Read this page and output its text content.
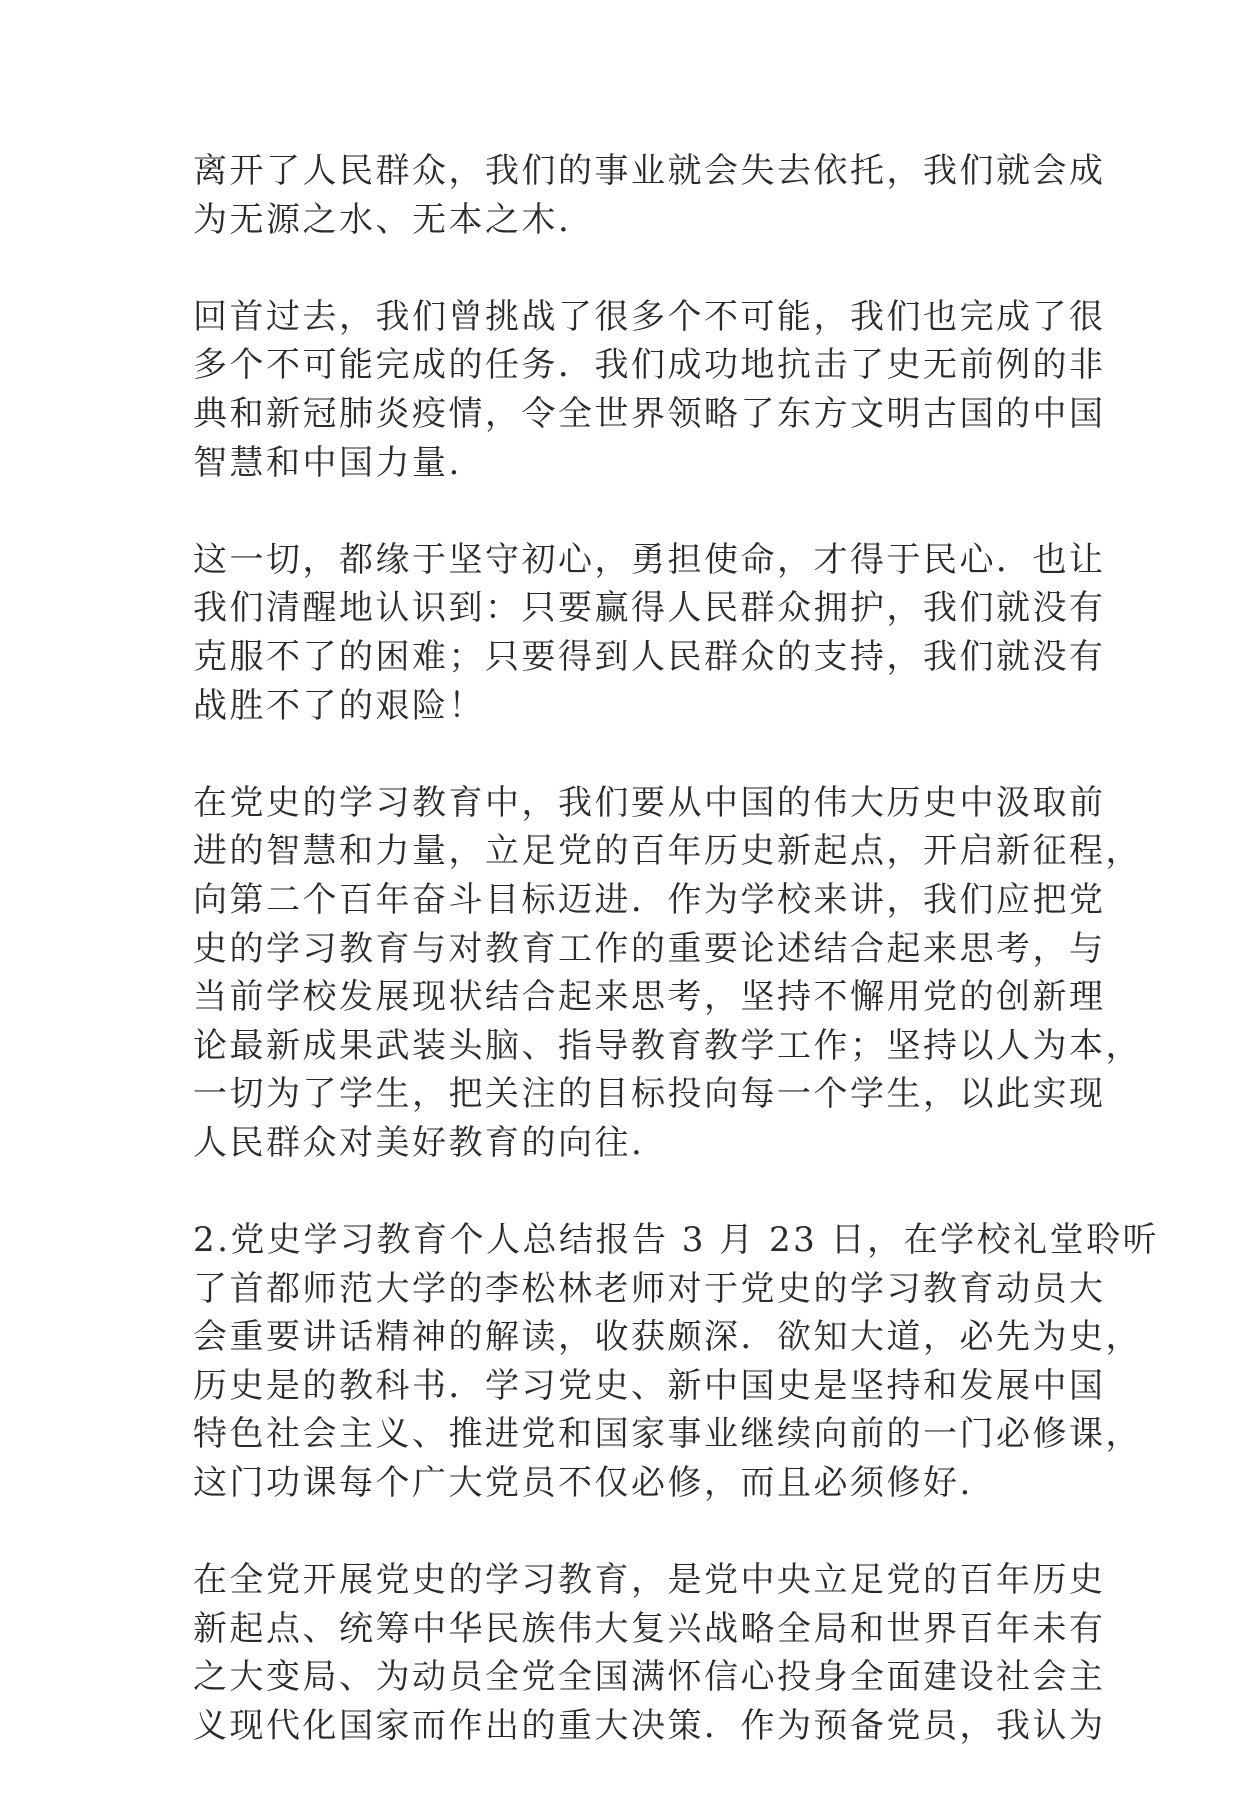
离开了人民群众，我们的事业就会失去依托，我们就会成
为无源之水、无本之木.

回首过去，我们曾挑战了很多个不可能，我们也完成了很
多个不可能完成的任务．我们成功地抗击了史无前例的非
典和新冠肺炎疫情，令全世界领略了东方文明古国的中国
智慧和中国力量.

这一切，都缘于坚守初心，勇担使命，才得于民心．也让
我们清醒地认识到：只要赢得人民群众拥护，我们就没有
克服不了的困难；只要得到人民群众的支持，我们就没有
战胜不了的艰险！

在党史的学习教育中，我们要从中国的伟大历史中汲取前
进的智慧和力量，立足党的百年历史新起点，开启新征程，
向第二个百年奋斗目标迈进．作为学校来讲，我们应把党
史的学习教育与对教育工作的重要论述结合起来思考，与
当前学校发展现状结合起来思考，坚持不懈用党的创新理
论最新成果武装头脑、指导教育教学工作；坚持以人为本，
一切为了学生，把关注的目标投向每一个学生，以此实现
人民群众对美好教育的向往.

2.党史学习教育个人总结报告 3 月 23 日，在学校礼堂聆听
了首都师范大学的李松林老师对于党史的学习教育动员大
会重要讲话精神的解读，收获颇深．欲知大道，必先为史，
历史是的教科书．学习党史、新中国史是坚持和发展中国
特色社会主义、推进党和国家事业继续向前的一门必修课，
这门功课每个广大党员不仅必修，而且必须修好.

在全党开展党史的学习教育，是党中央立足党的百年历史
新起点、统筹中华民族伟大复兴战略全局和世界百年未有
之大变局、为动员全党全国满怀信心投身全面建设社会主
义现代化国家而作出的重大决策．作为预备党员，我认为
